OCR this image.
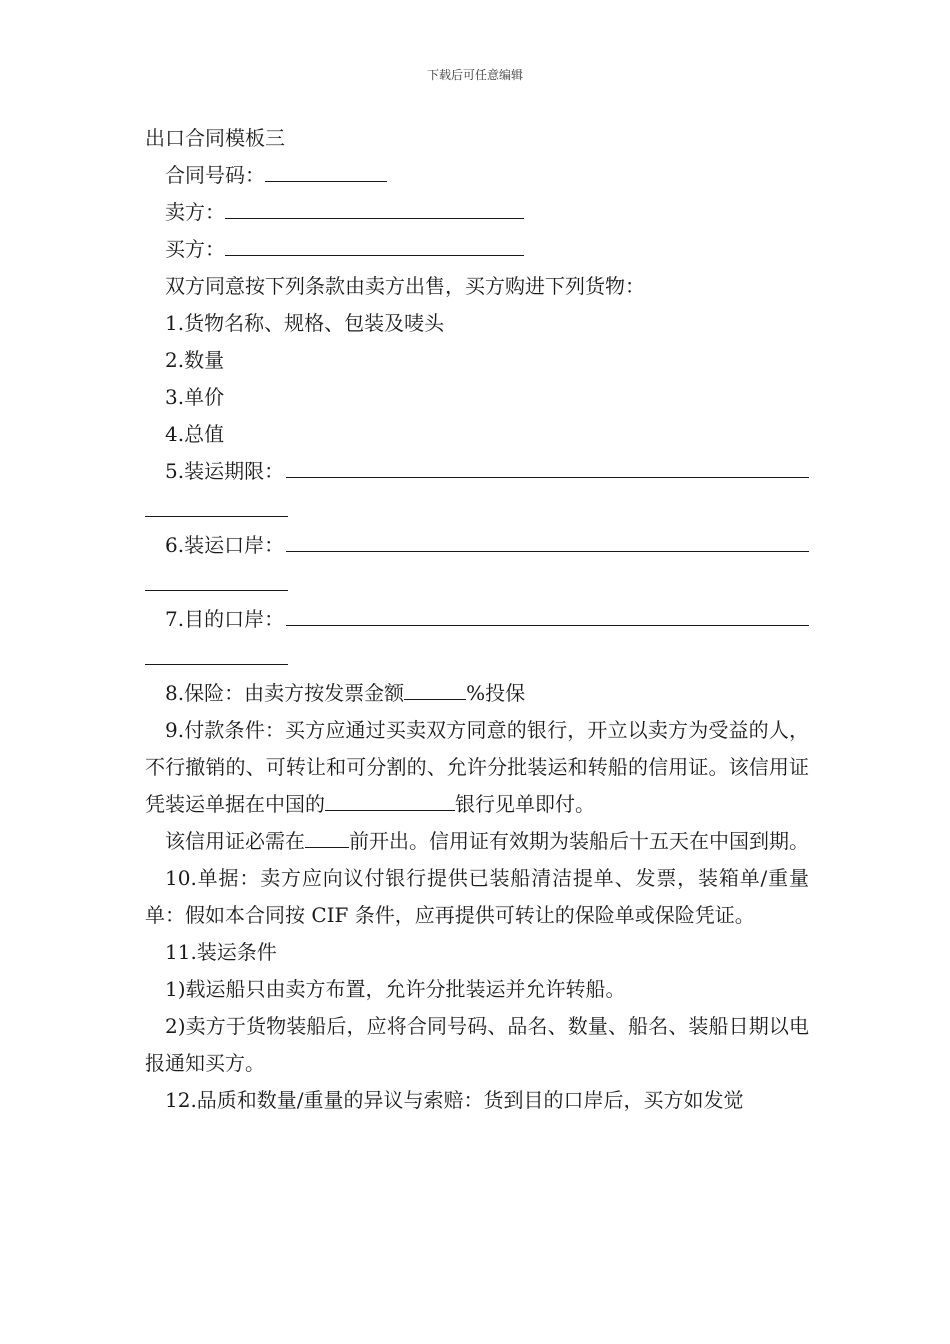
下载后可任意编辑
出口合同模板三
合同号码：
卖方：
买方：
双方同意按下列条款由卖方出售，买方购进下列货物：
1.货物名称、规格、包装及唛头
2.数量
3.单价
4.总值
5.装运期限：
6.装运口岸：
7.目的口岸：
8.保险：由卖方按发票金额	%投保
9.付款条件：买方应通过买卖双方同意的银行，开立以卖方为受益的人，不行撤销的、可转让和可分割的、允许分批装运和转船的信用证。该信用证凭装运单据在中国的	银行见单即付。
该信用证必需在 前开出。信用证有效期为装船后十五天在中国到期。
10.单据：卖方应向议付银行提供已装船清洁提单、发票，装箱单/重量单：假如本合同按 CIF 条件，应再提供可转让的保险单或保险凭证。
11.装运条件
1)载运船只由卖方布置，允许分批装运并允许转船。
2)卖方于货物装船后，应将合同号码、品名、数量、船名、装船日期以电报通知买方。
12.品质和数量/重量的异议与索赔：货到目的口岸后，买方如发觉
